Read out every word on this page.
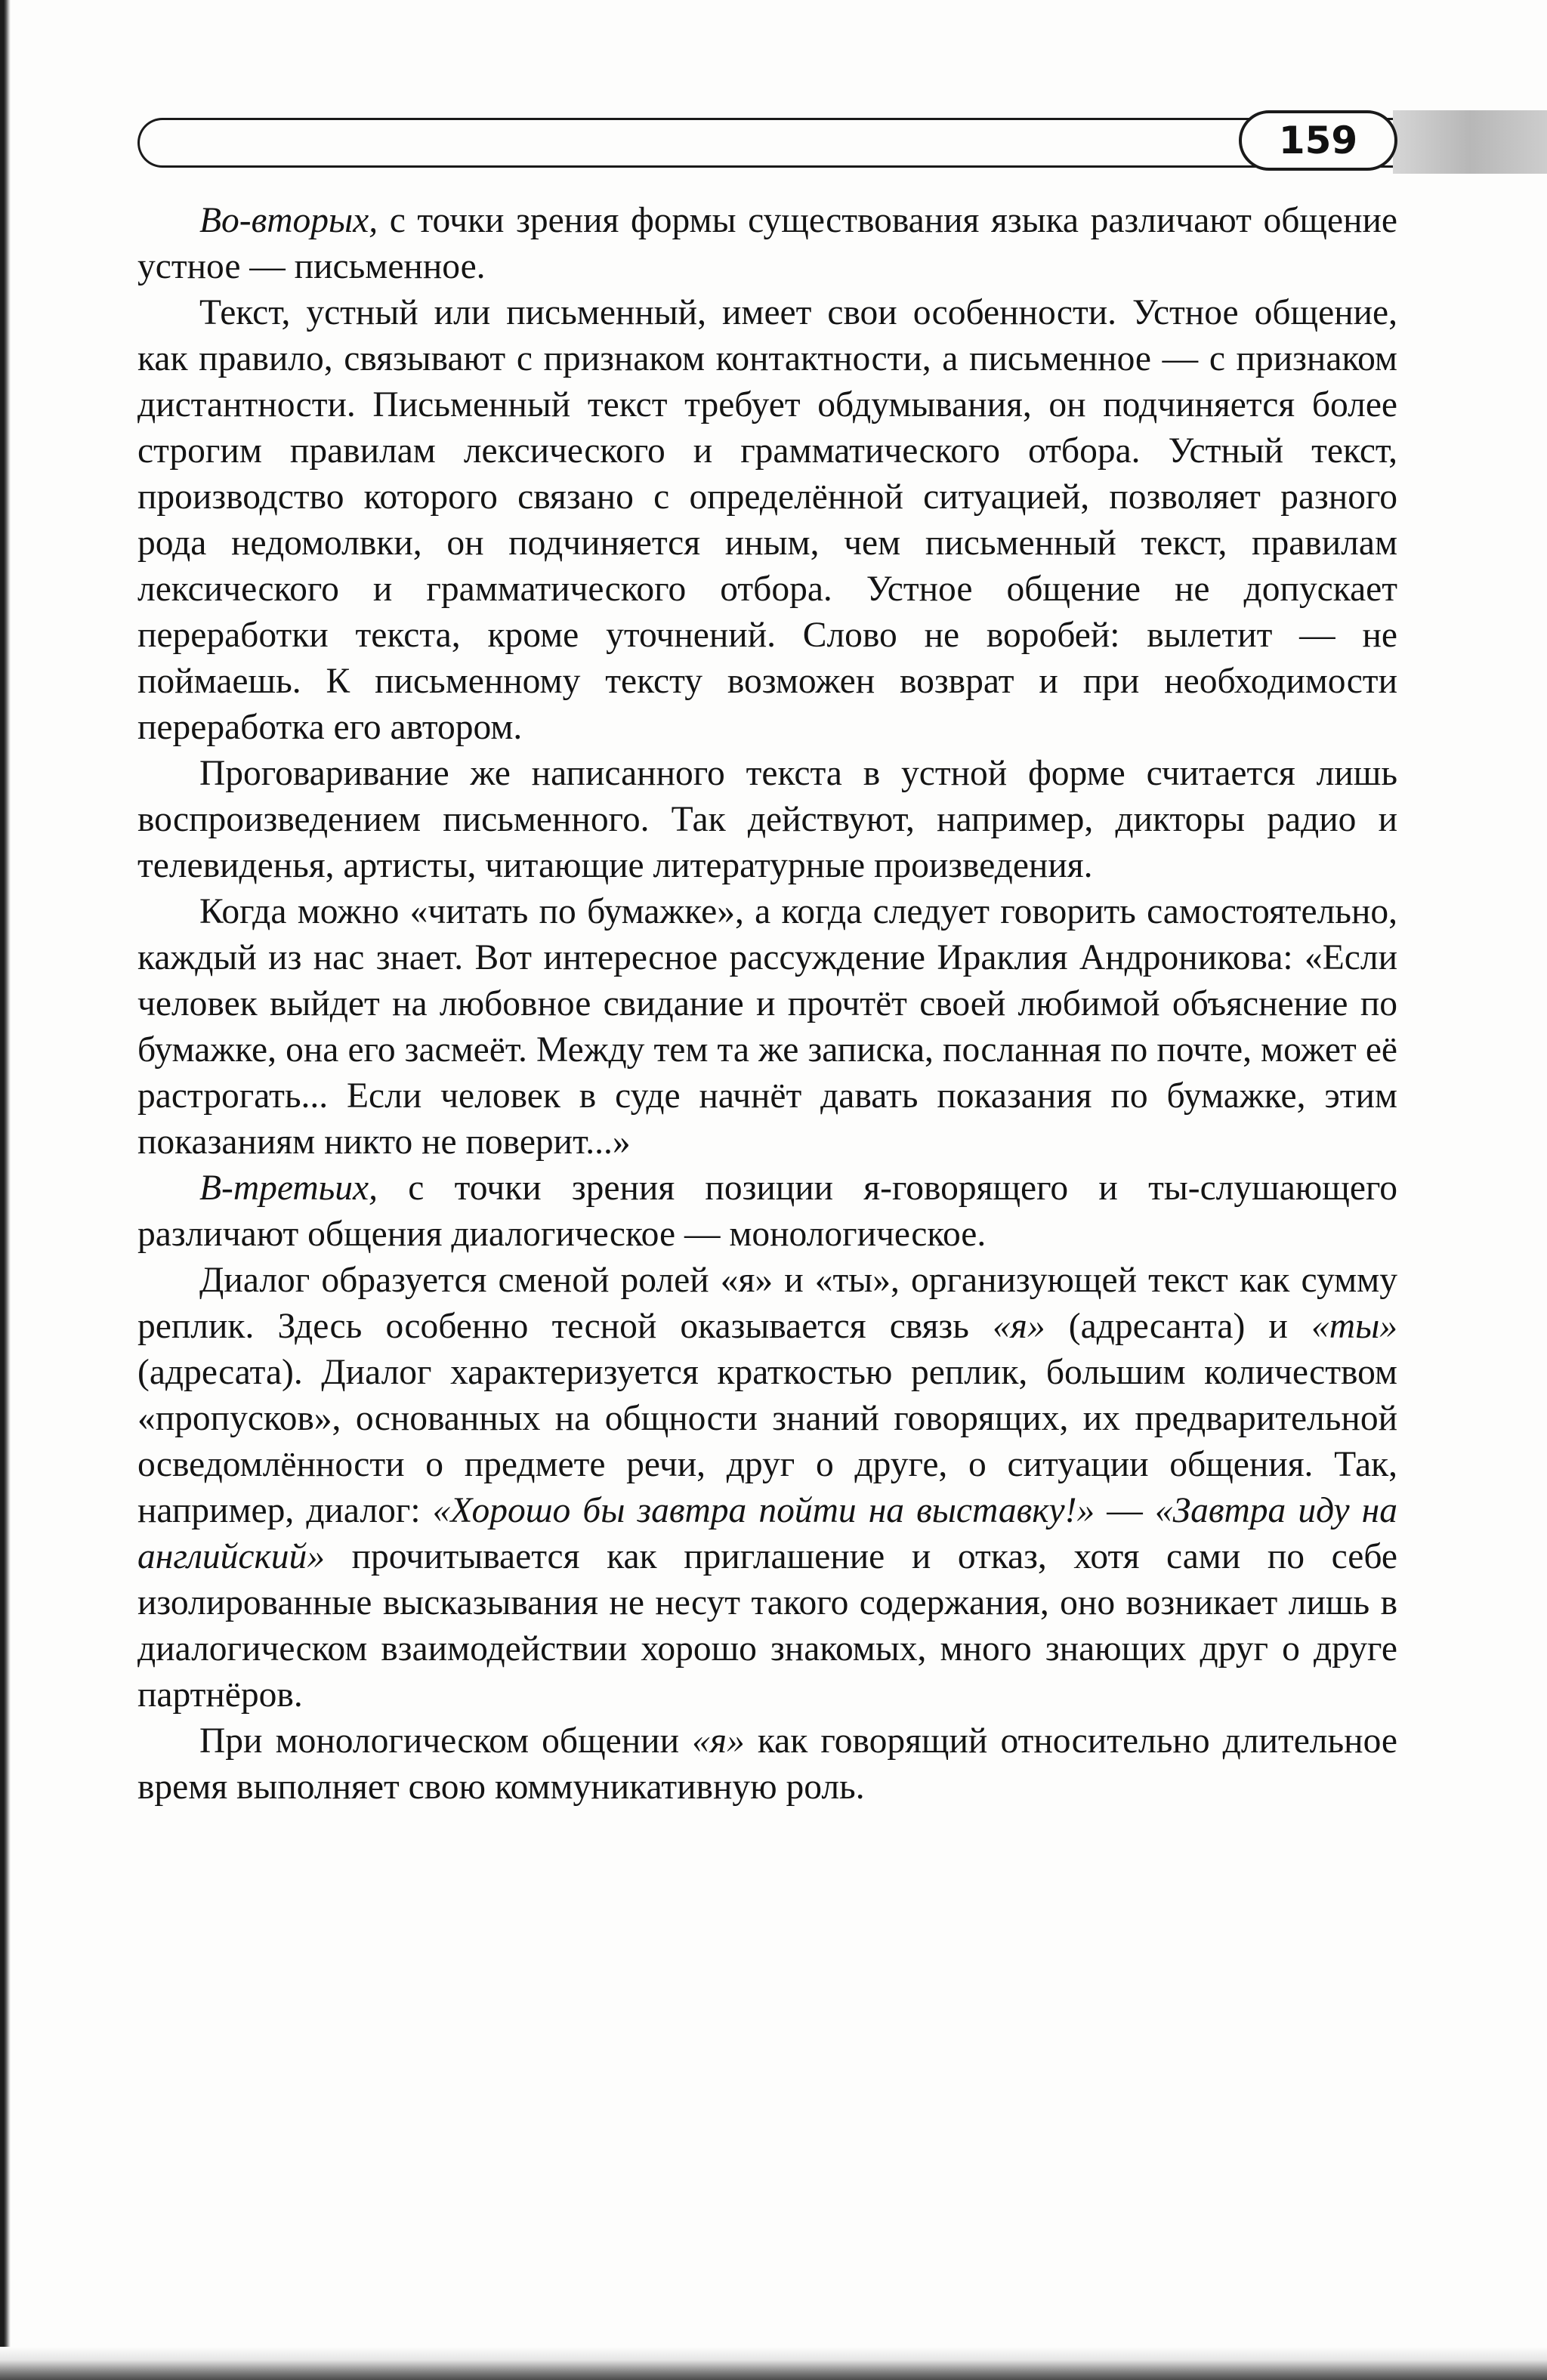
159

Во-вторых, с точки зрения формы существования языка различают общение устное — письменное.

Текст, устный или письменный, имеет свои особенности. Устное общение, как правило, связывают с признаком контактности, а письменное — с признаком дистантности. Письменный текст требует обдумывания, он подчиняется более строгим правилам лексического и грамматического отбора. Устный текст, производство которого связано с определённой ситуацией, позволяет разного рода недомолвки, он подчиняется иным, чем письменный текст, правилам лексического и грамматического отбора. Устное общение не допускает переработки текста, кроме уточнений. Слово не воробей: вылетит — не поймаешь. К письменному тексту возможен возврат и при необходимости переработка его автором.

Проговаривание же написанного текста в устной форме считается лишь воспроизведением письменного. Так действуют, например, дикторы радио и телевиденья, артисты, читающие литературные произведения.

Когда можно «читать по бумажке», а когда следует говорить самостоятельно, каждый из нас знает. Вот интересное рассуждение Ираклия Андроникова: «Если человек выйдет на любовное свидание и прочтёт своей любимой объяснение по бумажке, она его засмеёт. Между тем та же записка, посланная по почте, может её растрогать... Если человек в суде начнёт давать показания по бумажке, этим показаниям никто не поверит...»

В-третьих, с точки зрения позиции я-говорящего и ты-слушающего различают общения диалогическое — монологическое.

Диалог образуется сменой ролей «я» и «ты», организующей текст как сумму реплик. Здесь особенно тесной оказывается связь «я» (адресанта) и «ты» (адресата). Диалог характеризуется краткостью реплик, большим количеством «пропусков», основанных на общности знаний говорящих, их предварительной осведомлённости о предмете речи, друг о друге, о ситуации общения. Так, например, диалог: «Хорошо бы завтра пойти на выставку!» — «Завтра иду на английский» прочитывается как приглашение и отказ, хотя сами по себе изолированные высказывания не несут такого содержания, оно возникает лишь в диалогическом взаимодействии хорошо знакомых, много знающих друг о друге партнёров.

При монологическом общении «я» как говорящий относительно длительное время выполняет свою коммуникативную роль.
